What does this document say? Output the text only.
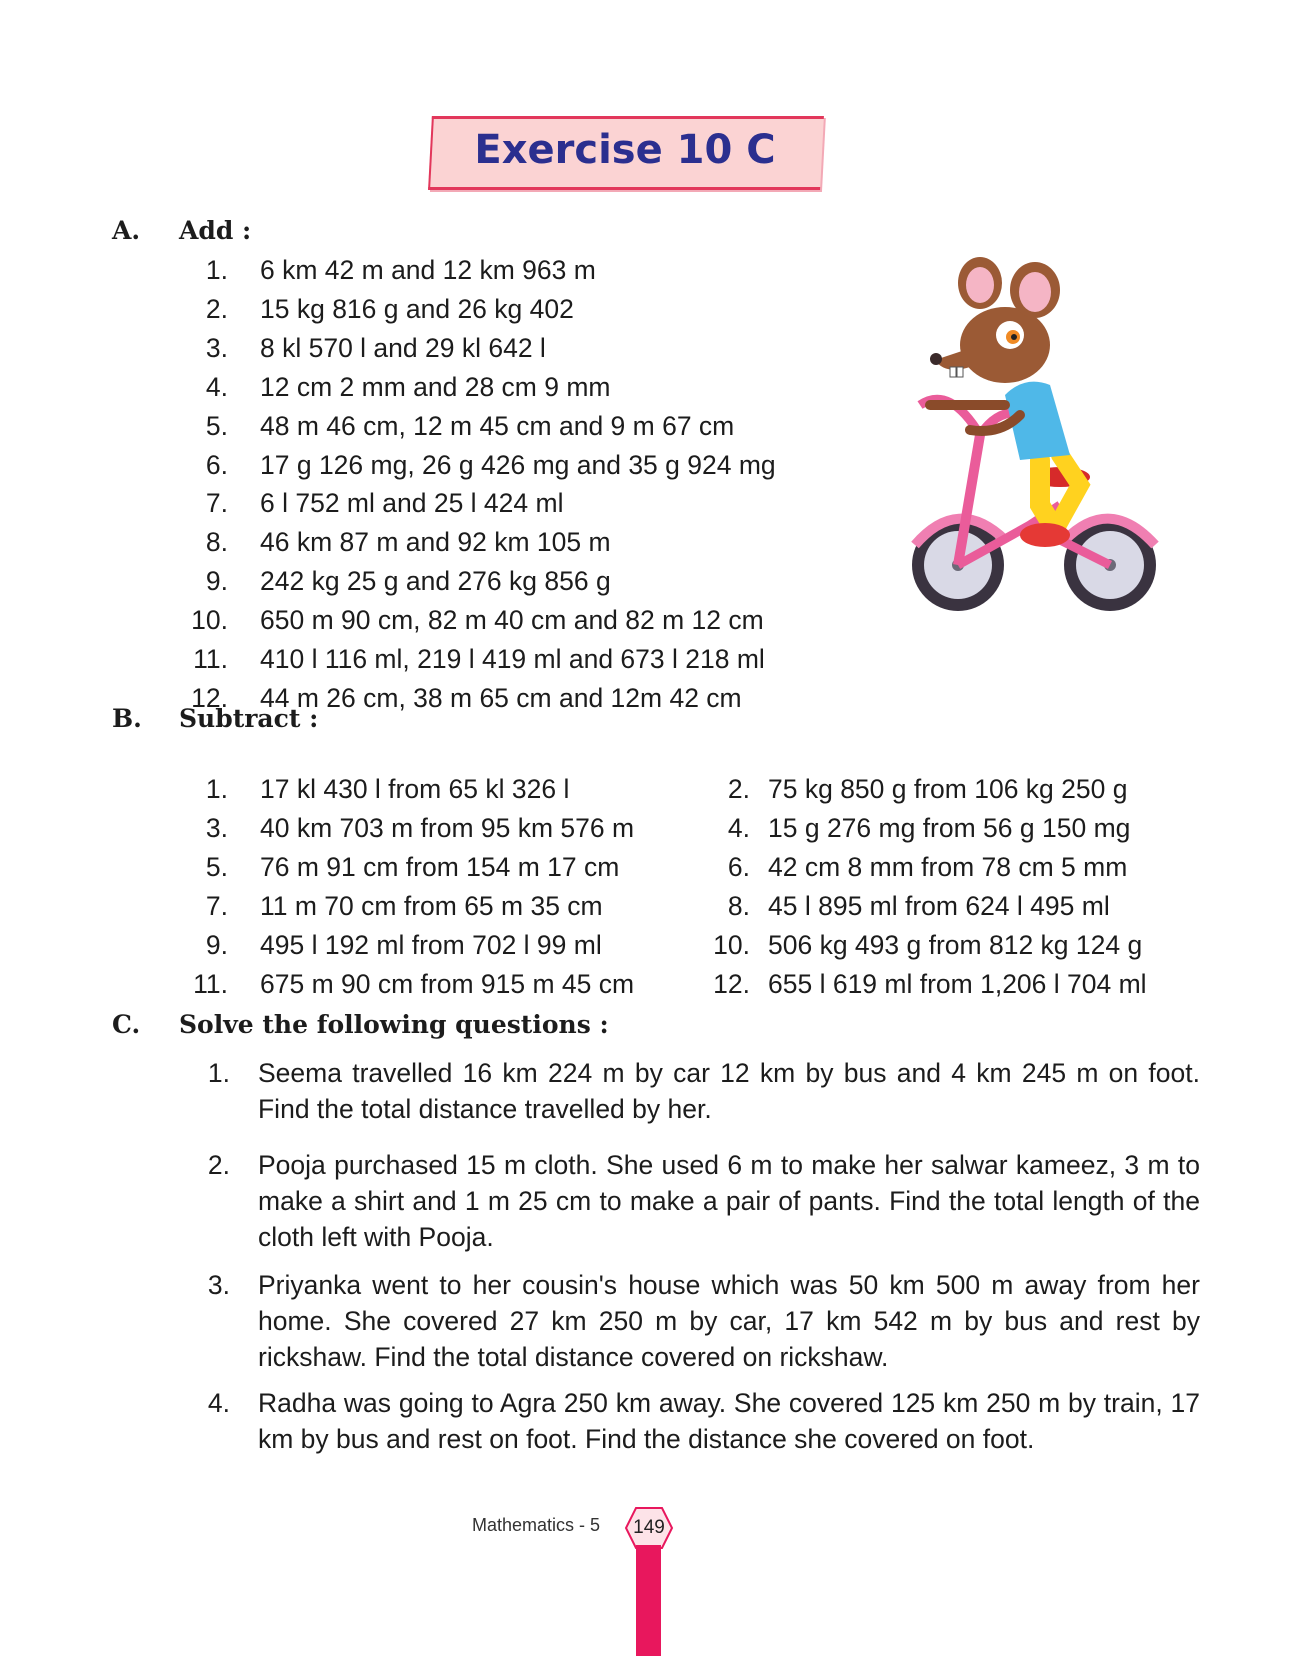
Exercise 10 C
A. Add :
1. 6 km 42 m and 12 km 963 m
2. 15 kg 816 g and 26 kg 402
3. 8 kl 570 l and 29 kl 642 l
4. 12 cm 2 mm and 28 cm 9 mm
5. 48 m 46 cm, 12 m 45 cm and 9 m 67 cm
6. 17 g 126 mg, 26 g 426 mg and 35 g 924 mg
7. 6 l 752 ml and 25 l 424 ml
8. 46 km 87 m and 92 km 105 m
9. 242 kg 25 g and 276 kg 856 g
10. 650 m 90 cm, 82 m 40 cm and 82 m 12 cm
11. 410 l 116 ml, 219 l 419 ml and 673 l 218 ml
12. 44 m 26 cm, 38 m 65 cm and 12m 42 cm
B. Subtract :
1. 17 kl 430 l from 65 kl 326 l
3. 40 km 703 m from 95 km 576 m
5. 76 m 91 cm from 154 m 17 cm
7. 11 m 70 cm from 65 m 35 cm
9. 495 l 192 ml from 702 l 99 ml
11. 675 m 90 cm from 915 m 45 cm
2. 75 kg 850 g from 106 kg 250 g
4. 15 g 276 mg from 56 g 150 mg
6. 42 cm 8 mm from 78 cm 5 mm
8. 45 l 895 ml from 624 l 495 ml
10. 506 kg 493 g from 812 kg 124 g
12. 655 l 619 ml from 1,206 l 704 ml
C. Solve the following questions :
1. Seema travelled 16 km 224 m by car 12 km by bus and 4 km 245 m on foot. Find the total distance travelled by her.
2. Pooja purchased 15 m cloth. She used 6 m to make her salwar kameez, 3 m to make a shirt and 1 m 25 cm to make a pair of pants. Find the total length of the cloth left with Pooja.
3. Priyanka went to her cousin's house which was 50 km 500 m away from her home. She covered 27 km 250 m by car, 17 km 542 m by bus and rest by rickshaw. Find the total distance covered on rickshaw.
4. Radha was going to Agra 250 km away. She covered 125 km 250 m by train, 17 km by bus and rest on foot. Find the distance she covered on foot.
Mathematics - 5 149
